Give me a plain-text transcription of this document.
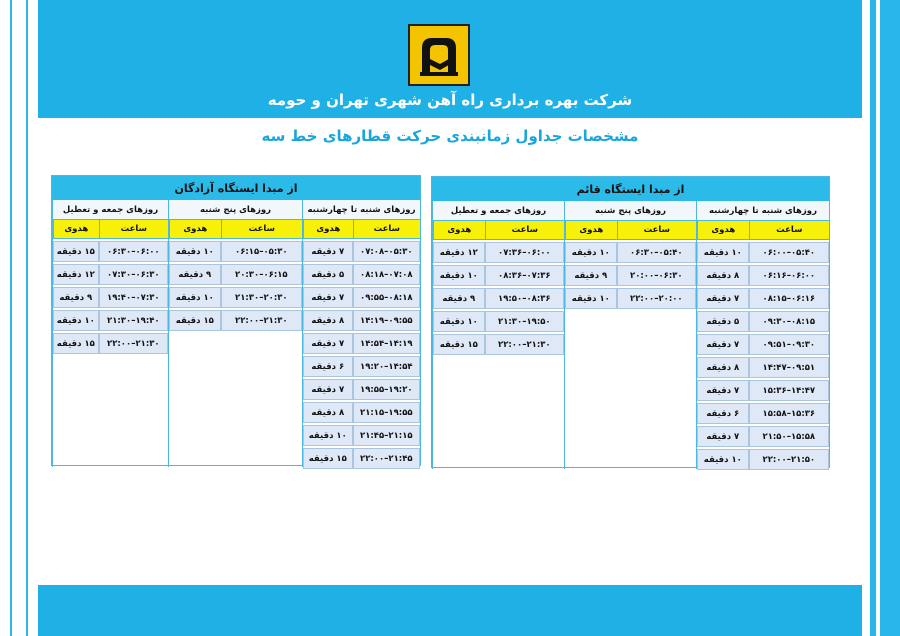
شرکت بهره برداری راه آهن شهری تهران و حومه
مشخصات جداول زمانبندی حرکت قطارهای خط سه
از مبدا ایستگاه قائم
روزهای شنبه تا چهارشنبه
ساعت
هدوی
۰۵:۴۰–۰۶:۰۰
۱۰ دقیقه
۰۶:۰۰–۰۶:۱۶
۸ دقیقه
۰۶:۱۶–۰۸:۱۵
۷ دقیقه
۰۸:۱۵–۰۹:۳۰
۵ دقیقه
۰۹:۳۰–۰۹:۵۱
۷ دقیقه
۰۹:۵۱–۱۴:۴۷
۸ دقیقه
۱۴:۴۷–۱۵:۳۶
۷ دقیقه
۱۵:۳۶–۱۵:۵۸
۶ دقیقه
۱۵:۵۸–۲۱:۵۰
۷ دقیقه
۲۱:۵۰–۲۲:۰۰
۱۰ دقیقه
روزهای پنج شنبه
ساعت
هدوی
۰۵:۴۰–۰۶:۳۰
۱۰ دقیقه
۰۶:۳۰–۲۰:۰۰
۹ دقیقه
۲۰:۰۰–۲۲:۰۰
۱۰ دقیقه
روزهای جمعه و تعطیل
ساعت
هدوی
۰۶:۰۰–۰۷:۳۶
۱۲ دقیقه
۰۷:۳۶–۰۸:۳۶
۱۰ دقیقه
۰۸:۳۶–۱۹:۵۰
۹ دقیقه
۱۹:۵۰–۲۱:۳۰
۱۰ دقیقه
۲۱:۳۰–۲۲:۰۰
۱۵ دقیقه
از مبدا ایستگاه آزادگان
روزهای شنبه تا چهارشنبه
ساعت
هدوی
۰۵:۳۰–۰۷:۰۸
۷ دقیقه
۰۷:۰۸–۰۸:۱۸
۵ دقیقه
۰۸:۱۸–۰۹:۵۵
۷ دقیقه
۰۹:۵۵–۱۴:۱۹
۸ دقیقه
۱۴:۱۹–۱۴:۵۴
۷ دقیقه
۱۴:۵۴–۱۹:۲۰
۶ دقیقه
۱۹:۲۰–۱۹:۵۵
۷ دقیقه
۱۹:۵۵–۲۱:۱۵
۸ دقیقه
۲۱:۱۵–۲۱:۴۵
۱۰ دقیقه
۲۱:۴۵–۲۲:۰۰
۱۵ دقیقه
روزهای پنج شنبه
ساعت
هدوی
۰۵:۳۰–۰۶:۱۵
۱۰ دقیقه
۰۶:۱۵–۲۰:۳۰
۹ دقیقه
۲۰:۳۰–۲۱:۳۰
۱۰ دقیقه
۲۱:۳۰–۲۲:۰۰
۱۵ دقیقه
روزهای جمعه و تعطیل
ساعت
هدوی
۰۶:۰۰–۰۶:۳۰
۱۵ دقیقه
۰۶:۳۰–۰۷:۳۰
۱۲ دقیقه
۰۷:۳۰–۱۹:۴۰
۹ دقیقه
۱۹:۴۰–۲۱:۳۰
۱۰ دقیقه
۲۱:۳۰–۲۲:۰۰
۱۵ دقیقه
